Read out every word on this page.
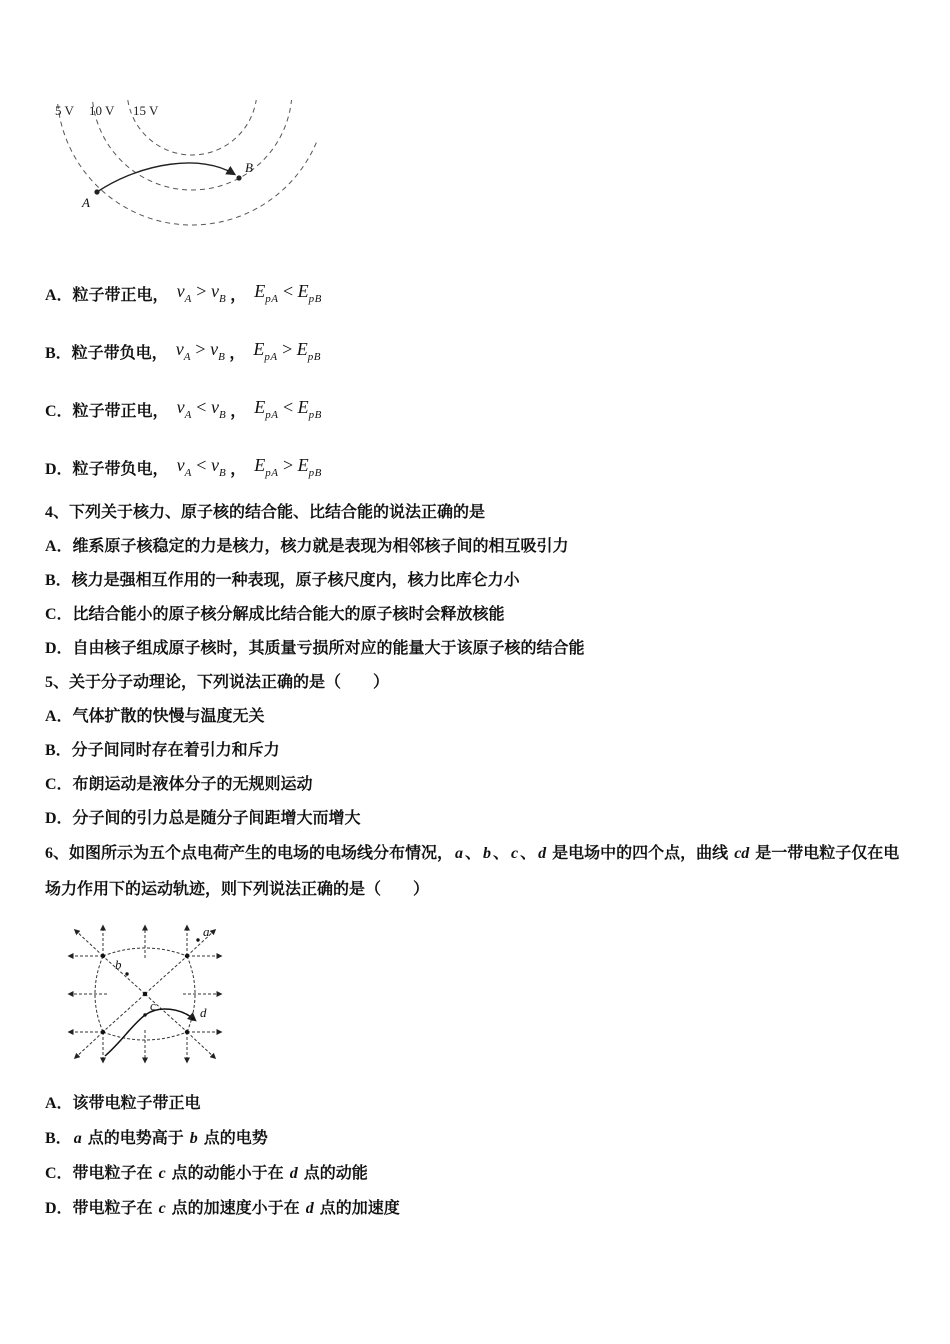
5 V 10 V 15 V
A
B
A．粒子带正电， $v_A > v_B$ ， $E_{pA} < E_{pB}$
B．粒子带负电， $v_A > v_B$ ， $E_{pA} > E_{pB}$
C．粒子带正电， $v_A < v_B$ ， $E_{pA} < E_{pB}$
D．粒子带负电， $v_A < v_B$ ， $E_{pA} > E_{pB}$
4、下列关于核力、原子核的结合能、比结合能的说法正确的是
A．维系原子核稳定的力是核力，核力就是表现为相邻核子间的相互吸引力
B．核力是强相互作用的一种表现，原子核尺度内，核力比库仑力小
C．比结合能小的原子核分解成比结合能大的原子核时会释放核能
D．自由核子组成原子核时，其质量亏损所对应的能量大于该原子核的结合能
5、关于分子动理论，下列说法正确的是（　　）
A．气体扩散的快慢与温度无关
B．分子间同时存在着引力和斥力
C．布朗运动是液体分子的无规则运动
D．分子间的引力总是随分子间距增大而增大
6、如图所示为五个点电荷产生的电场的电场线分布情况， a 、 b 、 c 、 d 是电场中的四个点，曲线 cd 是一带电粒子仅在电场力作用下的运动轨迹，则下列说法正确的是（　　）
a
b
c	d
A．该带电粒子带正电
B． a 点的电势高于 b 点的电势
C．带电粒子在 c 点的动能小于在 d 点的动能
D．带电粒子在 c 点的加速度小于在 d 点的加速度
